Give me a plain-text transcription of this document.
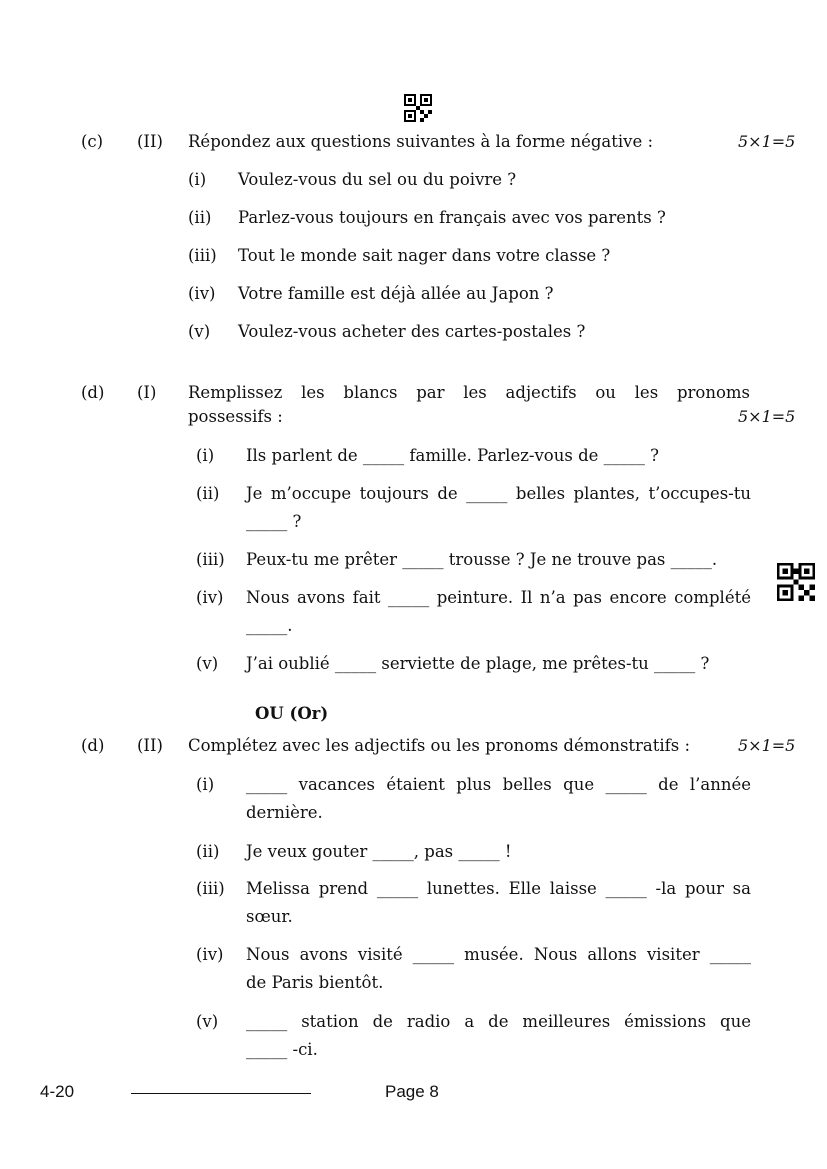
(c) (II) Répondez aux questions suivantes à la forme négative :	5×1=5
(i) Voulez-vous du sel ou du poivre ?
(ii) Parlez-vous toujours en français avec vos parents ?
(iii) Tout le monde sait nager dans votre classe ?
(iv) Votre famille est déjà allée au Japon ?
(v) Voulez-vous acheter des cartes-postales ?
(d) (I) Remplissez les blancs par les adjectifs ou les pronoms
possessifs :	5×1=5
(i) Ils parlent de _____ famille. Parlez-vous de _____ ?
(ii) Je m’occupe toujours de _____ belles plantes, t’occupes-tu
_____ ?
(iii) Peux-tu me prêter _____ trousse ? Je ne trouve pas _____.
(iv) Nous avons fait _____ peinture. Il n’a pas encore complété
_____.
(v) J’ai oublié _____ serviette de plage, me prêtes-tu _____ ?
OU (Or)
(d) (II) Complétez avec les adjectifs ou les pronoms démonstratifs :	5×1=5
(i) _____ vacances étaient plus belles que _____ de l’année
dernière.
(ii) Je veux gouter _____, pas _____ !
(iii) Melissa prend _____ lunettes. Elle laisse _____ -la pour sa
sœur.
(iv) Nous avons visité _____ musée. Nous allons visiter _____
de Paris bientôt.
(v) _____ station de radio a de meilleures émissions que
_____ -ci.
4-20	Page 8
